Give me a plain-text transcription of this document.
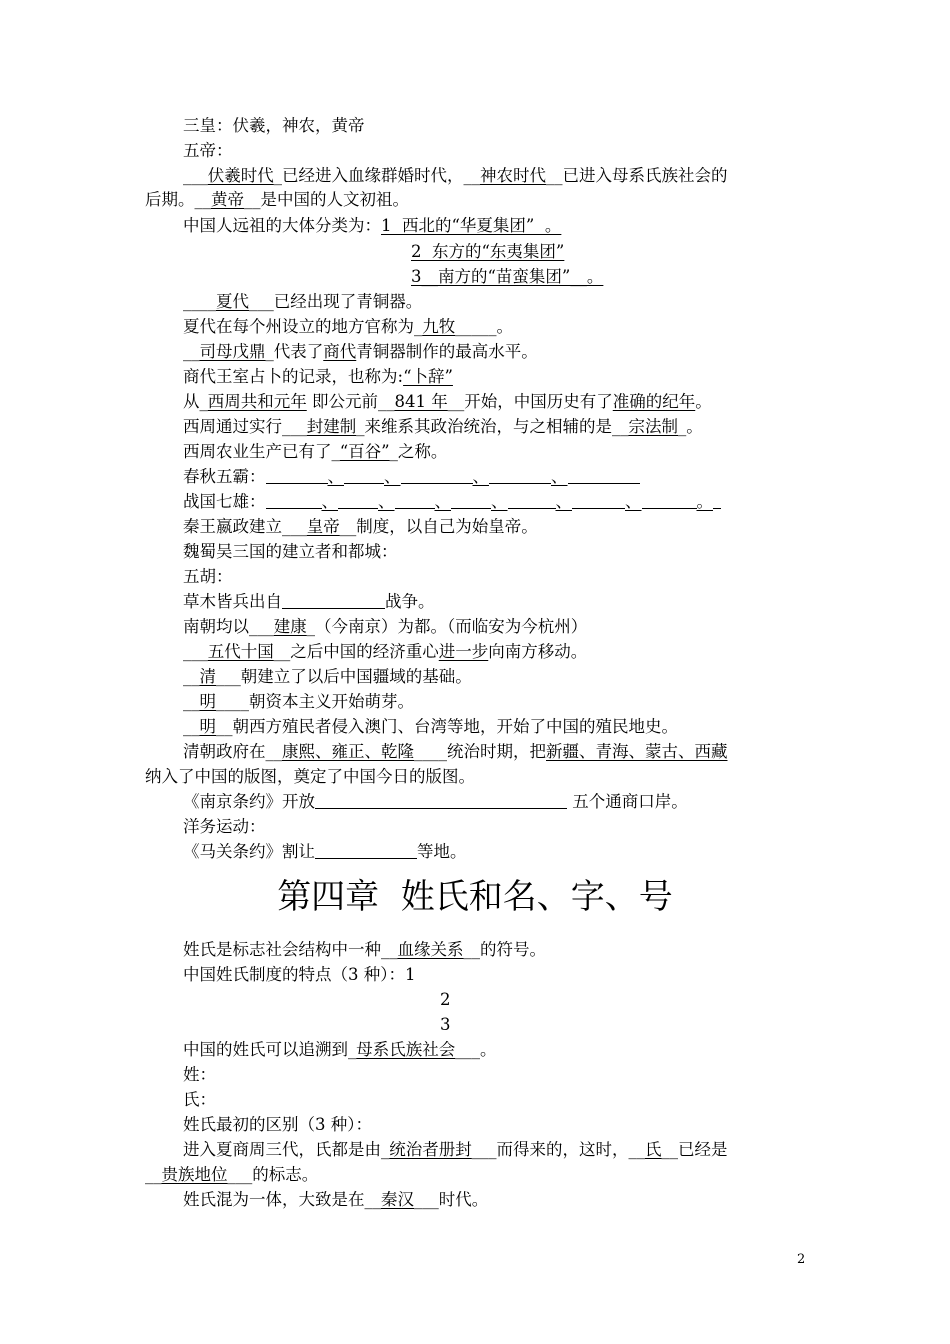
三皇：伏羲，神农，黄帝
五帝：
___伏羲时代_已经进入血缘群婚时代，__神农时代__已进入母系氏族社会的
后期。__黄帝__是中国的人文初祖。
中国人远祖的大体分类为：1  西北的“华夏集团”  。
2  东方的“东夷集团”
3__南方的“苗蛮集团”__。
____夏代___已经出现了青铜器。
夏代在每个州设立的地方官称为_九牧_____。
__司母戊鼎_代表了商代青铜器制作的最高水平。
商代王室占卜的记录，也称为:“卜辞”
从_西周共和元年 即公元前__841 年__开始，中国历史有了准确的纪年。
西周通过实行___封建制_来维系其政治统治，与之相辅的是__宗法制_。
西周农业生产已有了_“百谷”_之称。
春秋五霸：	、 、	、	、
战国七雄：	、 、 、 、	、	、	。
秦王嬴政建立___皇帝__制度，以自己为始皇帝。
魏蜀吴三国的建立者和都城：
五胡：
草木皆兵出自	战争。
南朝均以___建康_（今南京）为都。（而临安为今杭州）
___五代十国__之后中国的经济重心进一步向南方移动。
__清___朝建立了以后中国疆域的基础。
__明____朝资本主义开始萌芽。
__明__朝西方殖民者侵入澳门、台湾等地，开始了中国的殖民地史。
清朝政府在__康熙、雍正、乾隆____统治时期，把新疆、青海、蒙古、西藏
纳入了中国的版图，奠定了中国今日的版图。
《南京条约》开放	五个通商口岸。
洋务运动：
《马关条约》割让	等地。
第四章  姓氏和名、字、号
姓氏是标志社会结构中一种__血缘关系__的符号。
中国姓氏制度的特点（3 种）：1
2
3
中国的姓氏可以追溯到_母系氏族社会___。
姓：
氏：
姓氏最初的区别（3 种）：
进入夏商周三代，氏都是由_统治者册封___而得来的，这时，__氏__已经是
__贵族地位___的标志。
姓氏混为一体，大致是在__秦汉___时代。
2
